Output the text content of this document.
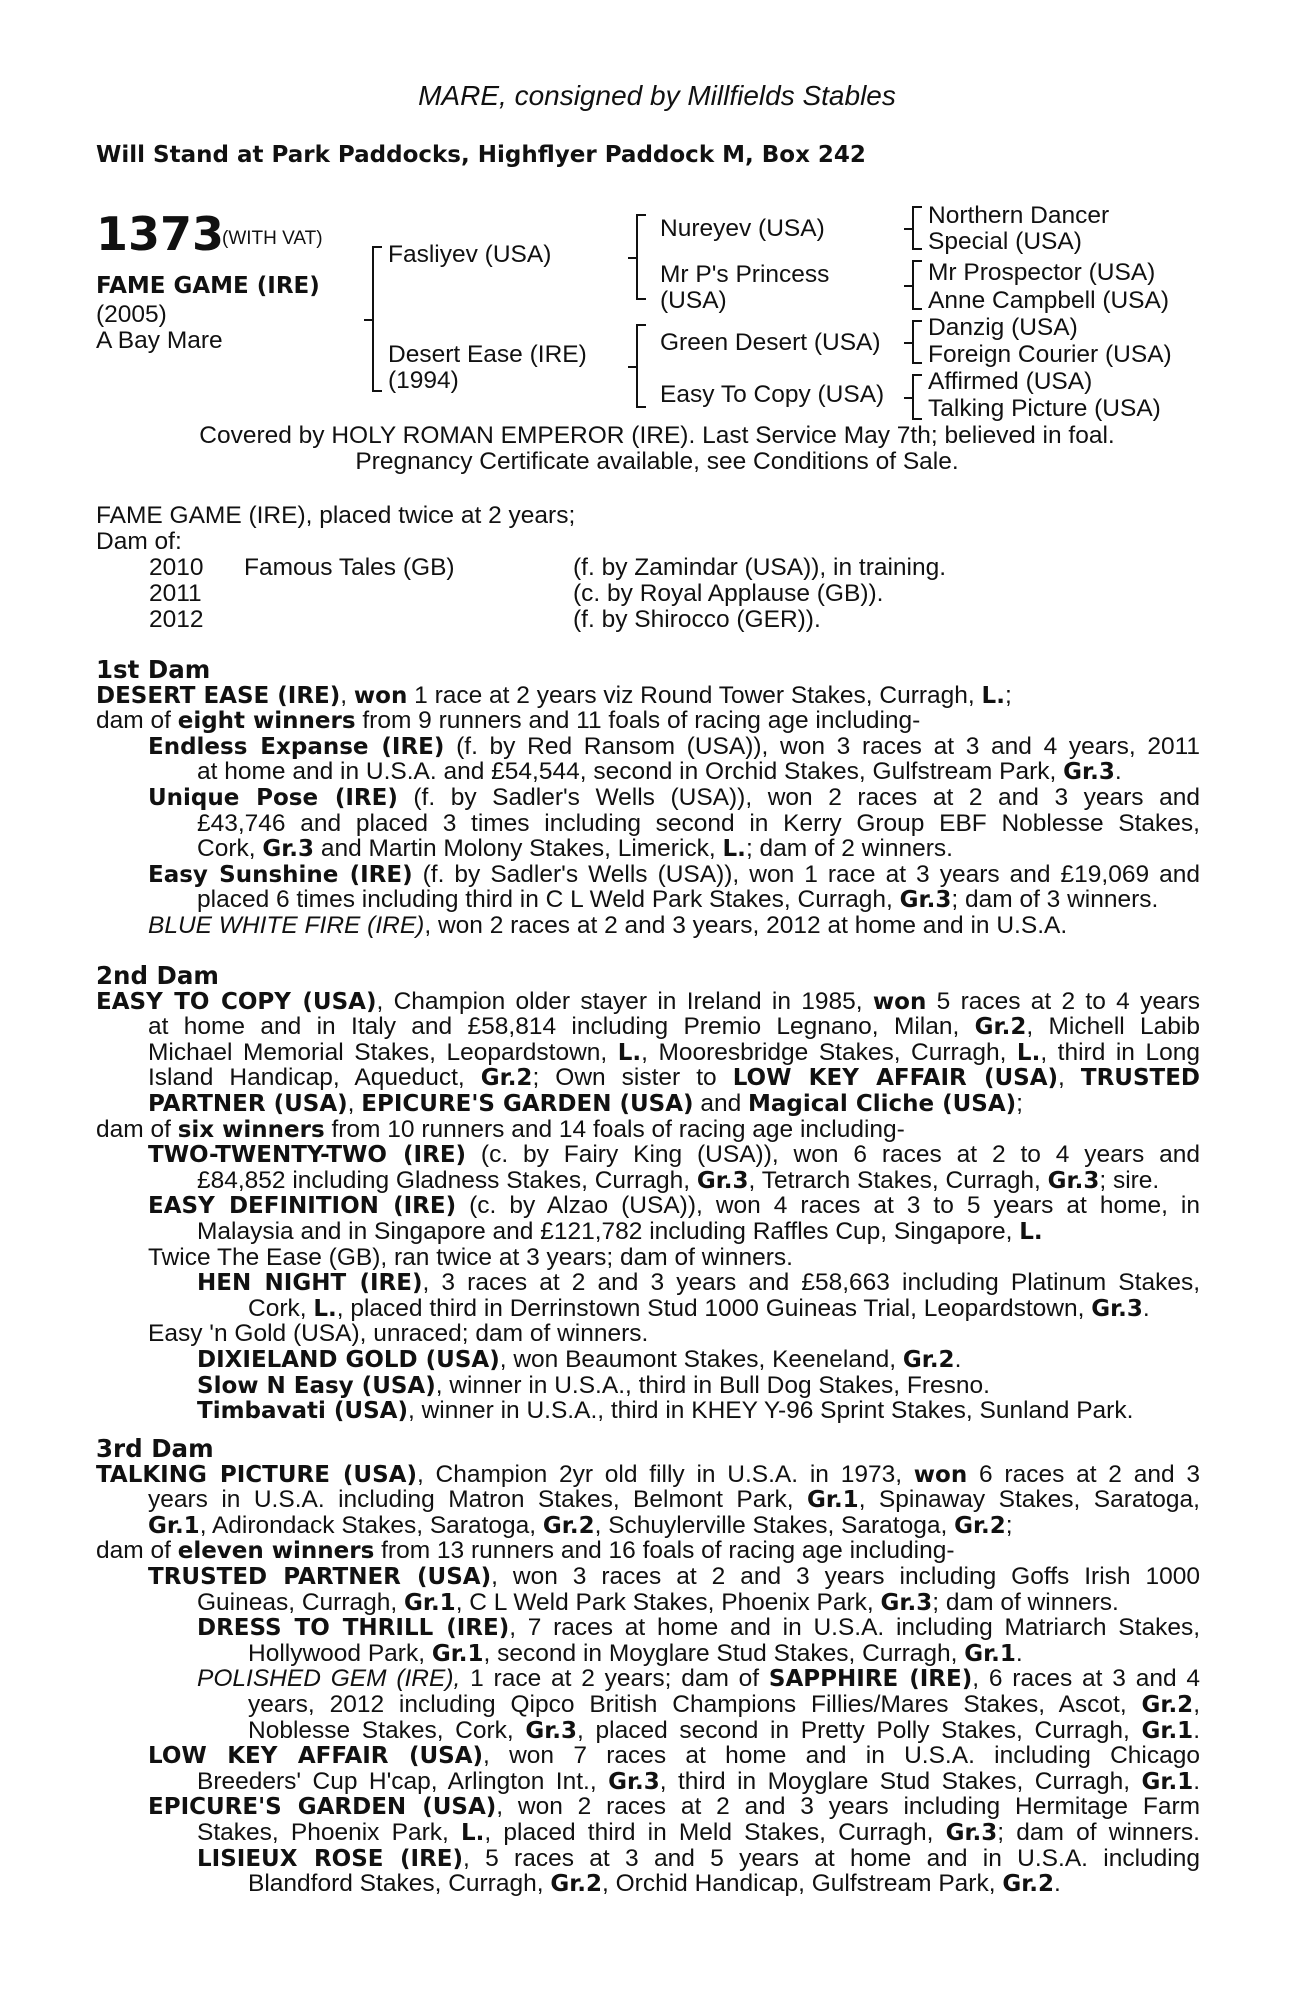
MARE, consigned by Millfields Stables
Will Stand at Park Paddocks, Highflyer Paddock M, Box 242
1373
(WITH VAT)
FAME GAME (IRE)
(2005)
A Bay Mare
Fasliyev (USA)
Desert Ease (IRE)
(1994)
Nureyev (USA)
Mr P's Princess
(USA)
Green Desert (USA)
Easy To Copy (USA)
Northern Dancer
Special (USA)
Mr Prospector (USA)
Anne Campbell (USA)
Danzig (USA)
Foreign Courier (USA)
Affirmed (USA)
Talking Picture (USA)
Covered by HOLY ROMAN EMPEROR (IRE). Last Service May 7th; believed in foal.
Pregnancy Certificate available, see Conditions of Sale.
FAME GAME (IRE), placed twice at 2 years;
Dam of:
2010 Famous Tales (GB)	(f. by Zamindar (USA)), in training.
2011	(c. by Royal Applause (GB)).
2012	(f. by Shirocco (GER)).
1st Dam
DESERT EASE (IRE), won 1 race at 2 years viz Round Tower Stakes, Curragh, L.;
dam of eight winners from 9 runners and 11 foals of racing age including-
Endless Expanse (IRE) (f. by Red Ransom (USA)), won 3 races at 3 and 4 years, 2011
at home and in U.S.A. and £54,544, second in Orchid Stakes, Gulfstream Park, Gr.3.
Unique Pose (IRE) (f. by Sadler's Wells (USA)), won 2 races at 2 and 3 years and
£43,746 and placed 3 times including second in Kerry Group EBF Noblesse Stakes,
Cork, Gr.3 and Martin Molony Stakes, Limerick, L.; dam of 2 winners.
Easy Sunshine (IRE) (f. by Sadler's Wells (USA)), won 1 race at 3 years and £19,069 and
placed 6 times including third in C L Weld Park Stakes, Curragh, Gr.3; dam of 3 winners.
BLUE WHITE FIRE (IRE), won 2 races at 2 and 3 years, 2012 at home and in U.S.A.
2nd Dam
EASY TO COPY (USA), Champion older stayer in Ireland in 1985, won 5 races at 2 to 4 years
at home and in Italy and £58,814 including Premio Legnano, Milan, Gr.2, Michell Labib
Michael Memorial Stakes, Leopardstown, L., Mooresbridge Stakes, Curragh, L., third in Long
Island Handicap, Aqueduct, Gr.2; Own sister to LOW KEY AFFAIR (USA), TRUSTED
PARTNER (USA), EPICURE'S GARDEN (USA) and Magical Cliche (USA);
dam of six winners from 10 runners and 14 foals of racing age including-
TWO-TWENTY-TWO (IRE) (c. by Fairy King (USA)), won 6 races at 2 to 4 years and
£84,852 including Gladness Stakes, Curragh, Gr.3, Tetrarch Stakes, Curragh, Gr.3; sire.
EASY DEFINITION (IRE) (c. by Alzao (USA)), won 4 races at 3 to 5 years at home, in
Malaysia and in Singapore and £121,782 including Raffles Cup, Singapore, L.
Twice The Ease (GB), ran twice at 3 years; dam of winners.
HEN NIGHT (IRE), 3 races at 2 and 3 years and £58,663 including Platinum Stakes,
Cork, L., placed third in Derrinstown Stud 1000 Guineas Trial, Leopardstown, Gr.3.
Easy 'n Gold (USA), unraced; dam of winners.
DIXIELAND GOLD (USA), won Beaumont Stakes, Keeneland, Gr.2.
Slow N Easy (USA), winner in U.S.A., third in Bull Dog Stakes, Fresno.
Timbavati (USA), winner in U.S.A., third in KHEY Y-96 Sprint Stakes, Sunland Park.
3rd Dam
TALKING PICTURE (USA), Champion 2yr old filly in U.S.A. in 1973, won 6 races at 2 and 3
years in U.S.A. including Matron Stakes, Belmont Park, Gr.1, Spinaway Stakes, Saratoga,
Gr.1, Adirondack Stakes, Saratoga, Gr.2, Schuylerville Stakes, Saratoga, Gr.2;
dam of eleven winners from 13 runners and 16 foals of racing age including-
TRUSTED PARTNER (USA), won 3 races at 2 and 3 years including Goffs Irish 1000
Guineas, Curragh, Gr.1, C L Weld Park Stakes, Phoenix Park, Gr.3; dam of winners.
DRESS TO THRILL (IRE), 7 races at home and in U.S.A. including Matriarch Stakes,
Hollywood Park, Gr.1, second in Moyglare Stud Stakes, Curragh, Gr.1.
POLISHED GEM (IRE), 1 race at 2 years; dam of SAPPHIRE (IRE), 6 races at 3 and 4
years, 2012 including Qipco British Champions Fillies/Mares Stakes, Ascot, Gr.2,
Noblesse Stakes, Cork, Gr.3, placed second in Pretty Polly Stakes, Curragh, Gr.1.
LOW KEY AFFAIR (USA), won 7 races at home and in U.S.A. including Chicago
Breeders' Cup H'cap, Arlington Int., Gr.3, third in Moyglare Stud Stakes, Curragh, Gr.1.
EPICURE'S GARDEN (USA), won 2 races at 2 and 3 years including Hermitage Farm
Stakes, Phoenix Park, L., placed third in Meld Stakes, Curragh, Gr.3; dam of winners.
LISIEUX ROSE (IRE), 5 races at 3 and 5 years at home and in U.S.A. including
Blandford Stakes, Curragh, Gr.2, Orchid Handicap, Gulfstream Park, Gr.2.
